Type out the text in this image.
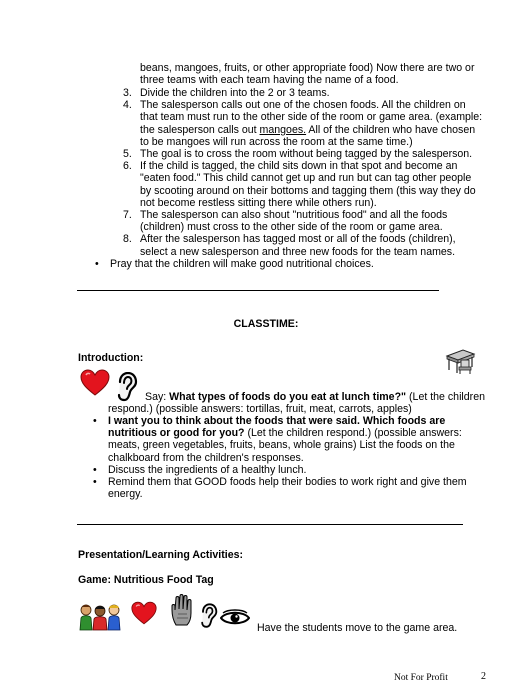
beans, mangoes, fruits, or other appropriate food) Now there are two or three teams with each team having the name of a food.
3. Divide the children into the 2 or 3 teams.
4. The salesperson calls out one of the chosen foods. All the children on that team must run to the other side of the room or game area. (example: the salesperson calls out mangoes. All of the children who have chosen to be mangoes will run across the room at the same time.)
5. The goal is to cross the room without being tagged by the salesperson.
6. If the child is tagged, the child sits down in that spot and become an "eaten food." This child cannot get up and run but can tag other people by scooting around on their bottoms and tagging them (this way they do not become restless sitting there while others run).
7. The salesperson can also shout "nutritious food" and all the foods (children) must cross to the other side of the room or game area.
8. After the salesperson has tagged most or all of the foods (children), select a new salesperson and three new foods for the team names.
• Pray that the children will make good nutritional choices.
CLASSTIME:
Introduction:
Say: What types of foods do you eat at lunch time?" (Let the children respond.) (possible answers: tortillas, fruit, meat, carrots, apples)
• I want you to think about the foods that were said. Which foods are nutritious or good for you? (Let the children respond.) (possible answers: meats, green vegetables, fruits, beans, whole grains) List the foods on the chalkboard from the children's responses.
• Discuss the ingredients of a healthy lunch.
• Remind them that GOOD foods help their bodies to work right and give them energy.
Presentation/Learning Activities:
Game: Nutritious Food Tag
Have the students move to the game area.
Not For Profit	2
